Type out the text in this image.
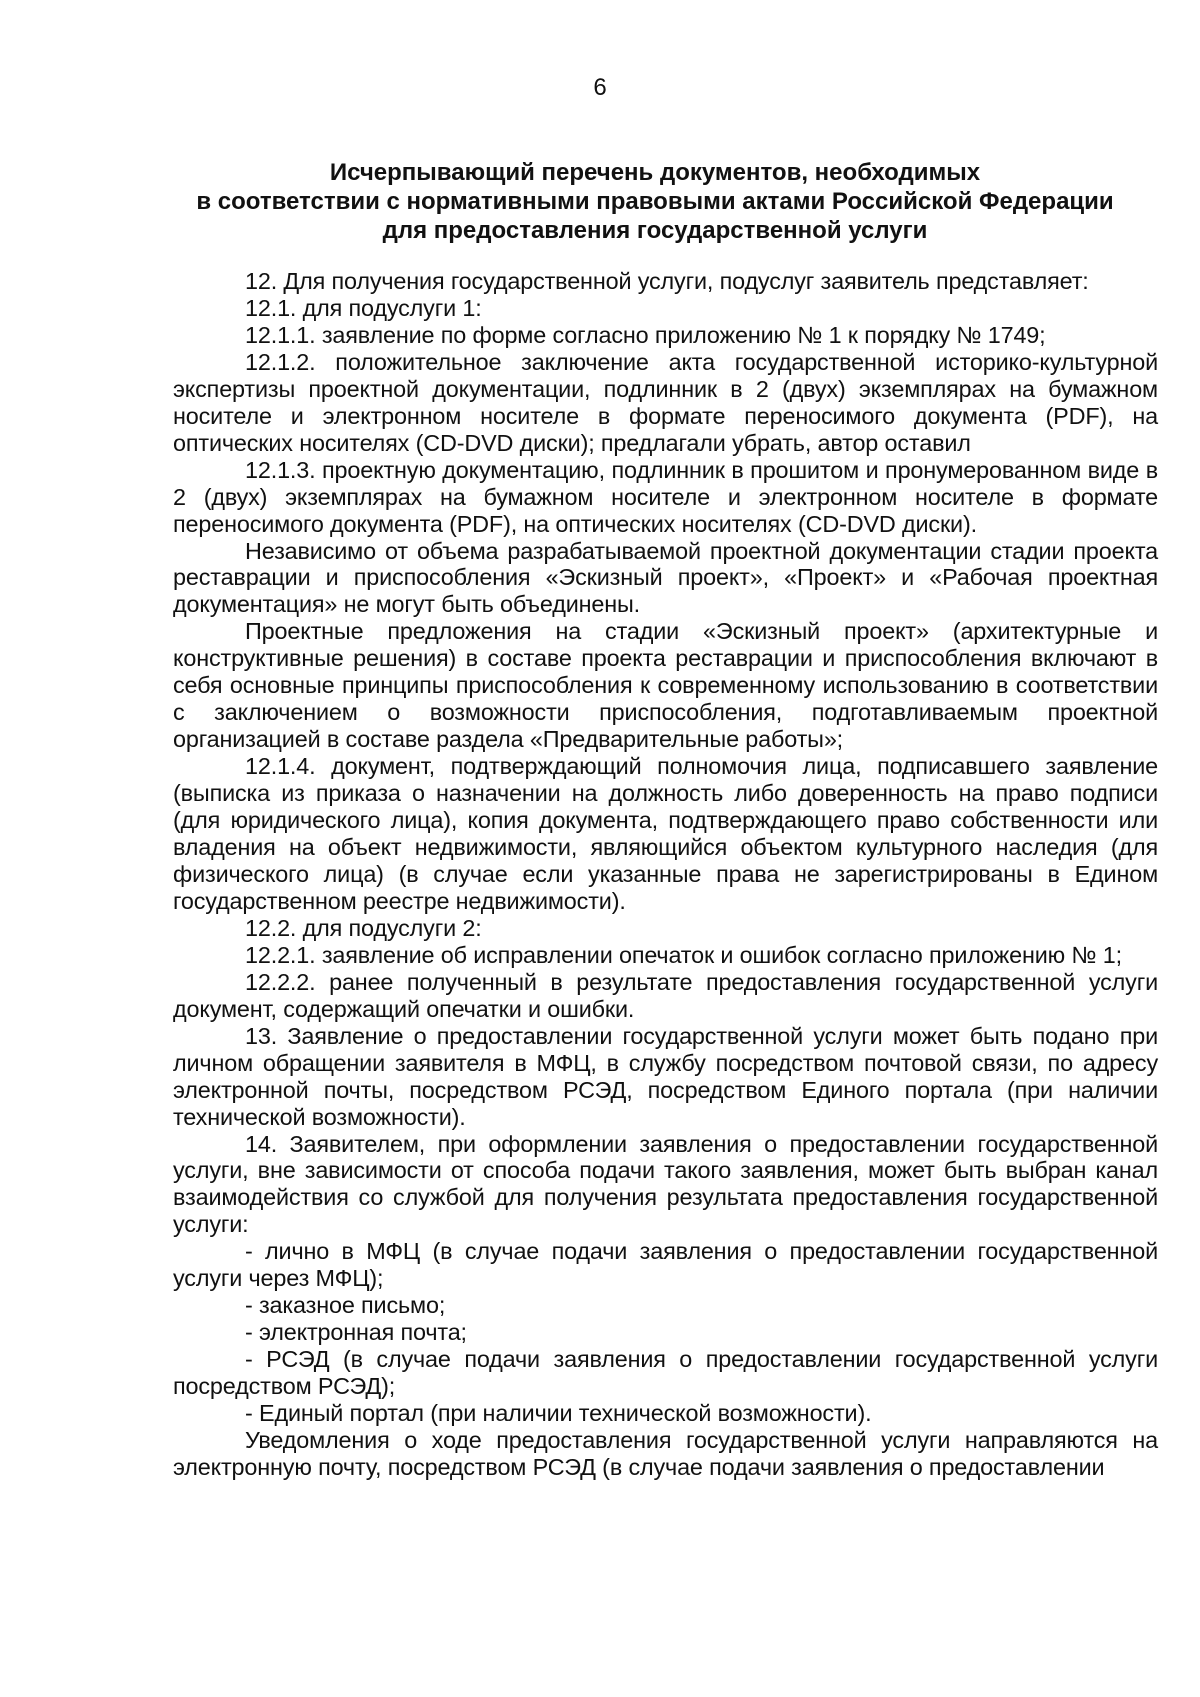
6
Исчерпывающий перечень документов, необходимых
в соответствии с нормативными правовыми актами Российской Федерации
для предоставления государственной услуги

12. Для получения государственной услуги, подуслуг заявитель представляет:

12.1. для подуслуги 1:

12.1.1. заявление по форме согласно приложению № 1 к порядку № 1749;

12.1.2. положительное заключение акта государственной историко-культурной экспертизы проектной документации, подлинник в 2 (двух) экземплярах на бумажном носителе и электронном носителе в формате переносимого документа (PDF), на оптических носителях (CD-DVD диски); предлагали убрать, автор оставил

12.1.3. проектную документацию, подлинник в прошитом и пронумерованном виде в 2 (двух) экземплярах на бумажном носителе и электронном носителе в формате переносимого документа (PDF), на оптических носителях (CD-DVD диски).

Независимо от объема разрабатываемой проектной документации стадии проекта реставрации и приспособления «Эскизный проект», «Проект» и «Рабочая проектная документация» не могут быть объединены.

Проектные предложения на стадии «Эскизный проект» (архитектурные и конструктивные решения) в составе проекта реставрации и приспособления включают в себя основные принципы приспособления к современному использованию в соответствии с заключением о возможности приспособления, подготавливаемым проектной организацией в составе раздела «Предварительные работы»;

12.1.4. документ, подтверждающий полномочия лица, подписавшего заявление (выписка из приказа о назначении на должность либо доверенность на право подписи (для юридического лица), копия документа, подтверждающего право собственности или владения на объект недвижимости, являющийся объектом культурного наследия (для физического лица) (в случае если указанные права не зарегистрированы в Едином государственном реестре недвижимости).

12.2. для подуслуги 2:

12.2.1. заявление об исправлении опечаток и ошибок согласно приложению № 1;

12.2.2. ранее полученный в результате предоставления государственной услуги документ, содержащий опечатки и ошибки.

13. Заявление о предоставлении государственной услуги может быть подано при личном обращении заявителя в МФЦ, в службу посредством почтовой связи, по адресу электронной почты, посредством РСЭД, посредством Единого портала (при наличии технической возможности).

14. Заявителем, при оформлении заявления о предоставлении государственной услуги, вне зависимости от способа подачи такого заявления, может быть выбран канал взаимодействия со службой для получения результата предоставления государственной услуги:

- лично в МФЦ (в случае подачи заявления о предоставлении государственной услуги через МФЦ);

- заказное письмо;

- электронная почта;

- РСЭД (в случае подачи заявления о предоставлении государственной услуги посредством РСЭД);

- Единый портал (при наличии технической возможности).

Уведомления о ходе предоставления государственной услуги направляются на электронную почту, посредством РСЭД (в случае подачи заявления о предоставлении
